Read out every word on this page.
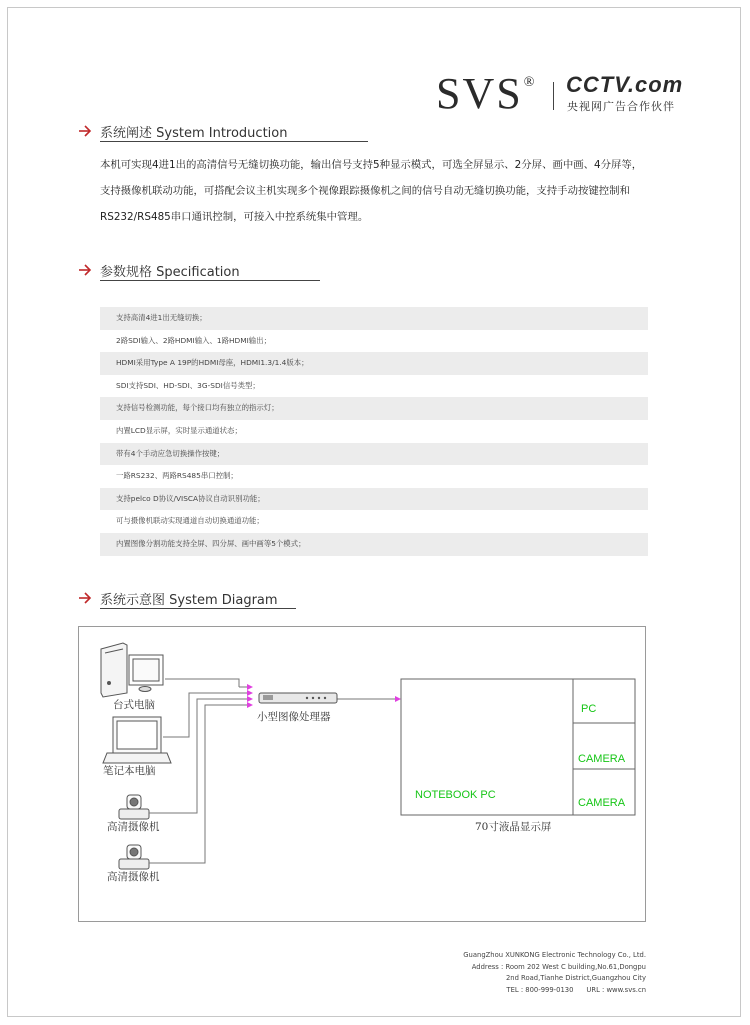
SVS® CCTV.com
央视网广告合作伙伴
系统阐述 System Introduction

本机可实现4进1出的高清信号无缝切换功能，输出信号支持5种显示模式，可选全屏显示、2分屏、画中画、4分屏等，

支持摄像机联动功能，可搭配会议主机实现多个视像跟踪摄像机之间的信号自动无缝切换功能，支持手动按键控制和

RS232/RS485串口通讯控制，可接入中控系统集中管理。

参数规格 Specification
支持高清4进1出无缝切换；
2路SDI输入、2路HDMI输入、1路HDMI输出；
HDMI采用Type A 19P的HDMI母座，HDMI1.3/1.4版本；
SDI支持SDI、HD-SDI、3G-SDI信号类型；
支持信号检测功能，每个接口均有独立的指示灯；
内置LCD显示屏，实时显示通道状态；
带有4个手动应急切换操作按键；
一路RS232、两路RS485串口控制；
支持pelco D协议/VISCA协议自动识别功能；
可与摄像机联动实现通道自动切换通道功能；
内置图像分割功能支持全屏、四分屏、画中画等5个模式；
系统示意图 System Diagram
台式电脑
笔记本电脑
高清摄像机
高清摄像机
小型图像处理器
70寸液晶显示屏
NOTEBOOK PC
PC
CAMERA
CAMERA
GuangZhou XUNKONG Electronic Technology Co., Ltd.
Address : Room 202 West C building,No.61,Dongpu
2nd Road,Tianhe District,Guangzhou City
TEL : 800-999-0130      URL : www.svs.cn
